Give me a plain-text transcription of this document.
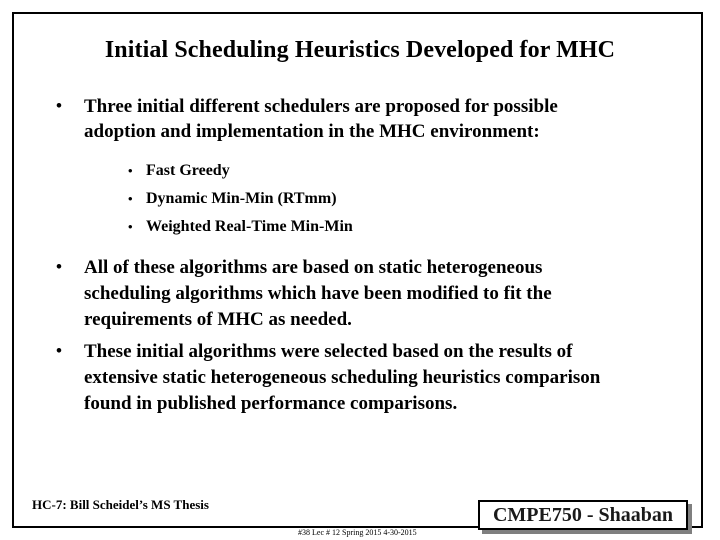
Initial Scheduling Heuristics Developed for MHC
• Three initial different schedulers are proposed for possible
adoption and implementation in the MHC environment:
• Fast Greedy
• Dynamic Min-Min (RTmm)
• Weighted Real-Time Min-Min
• All of these algorithms are based on static heterogeneous
scheduling algorithms which have been modified to fit the
requirements of MHC as needed.
• These initial algorithms were selected based on the results of
extensive static heterogeneous scheduling heuristics comparison
found in published performance comparisons.
HC-7: Bill Scheidel’s MS Thesis
#38 Lec # 12 Spring 2015 4-30-2015
CMPE750 - Shaaban
